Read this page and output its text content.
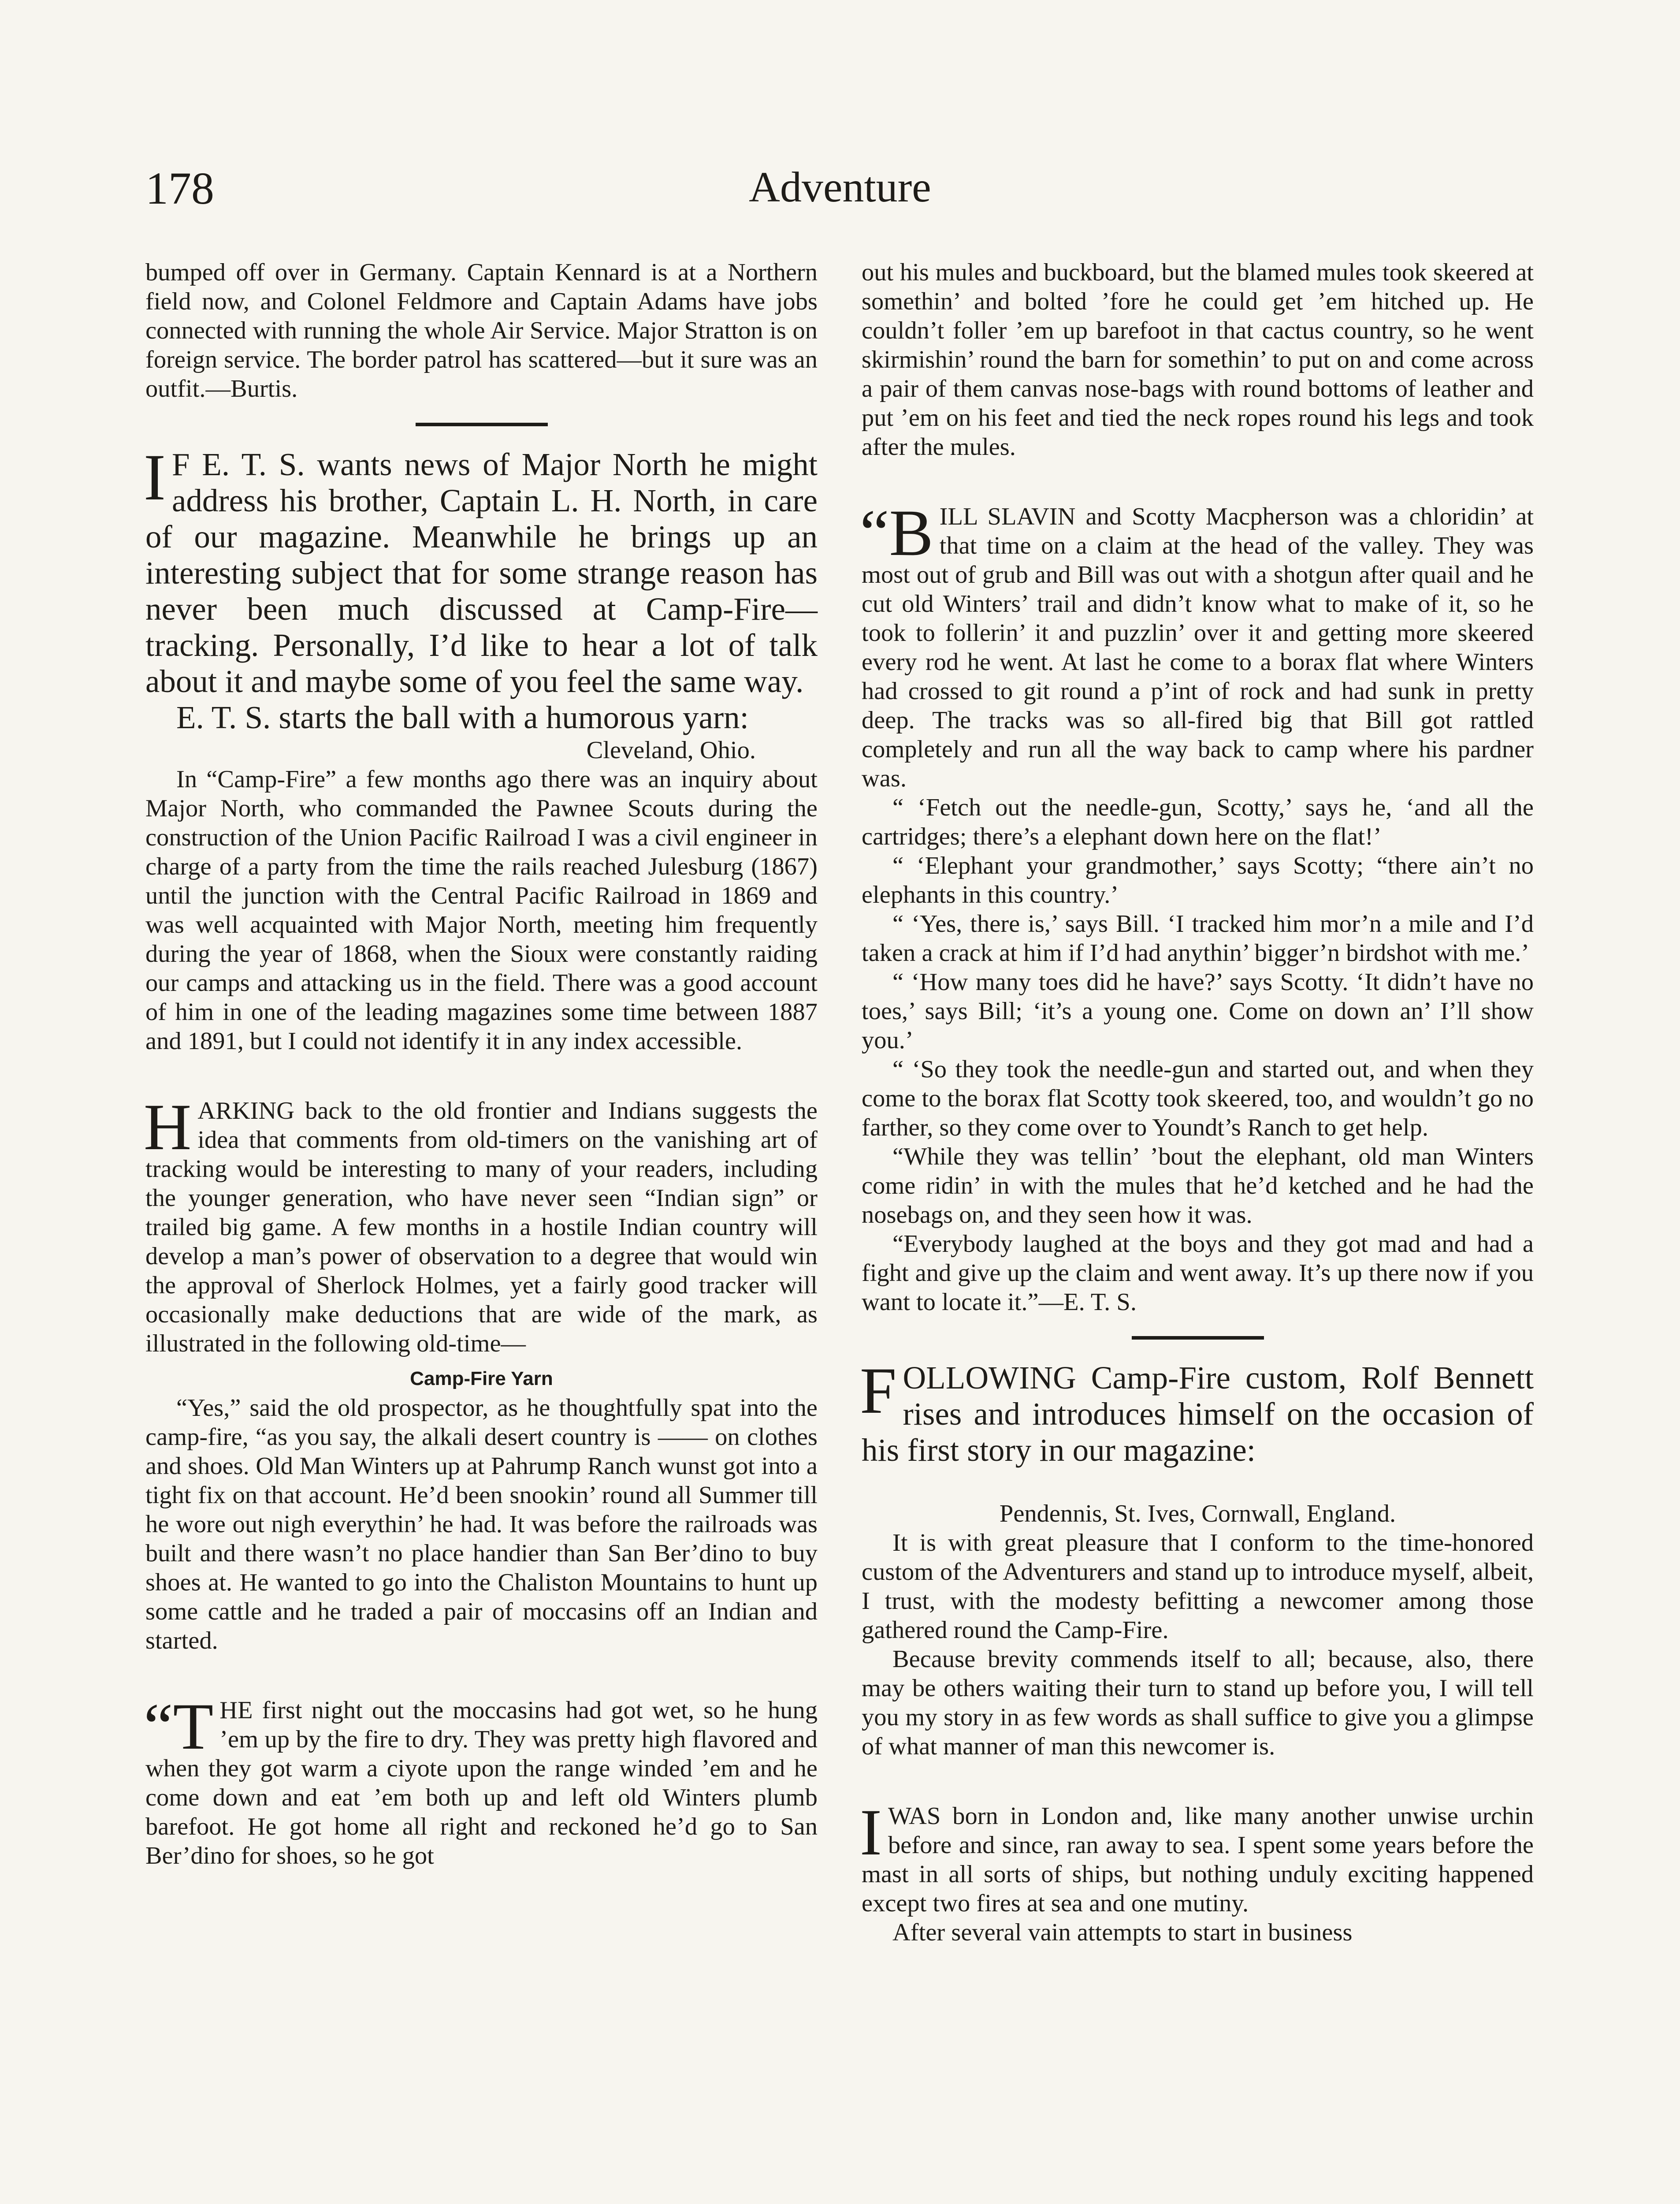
178	Adventure

bumped off over in Germany. Captain Kennard is at a Northern field now, and Colonel Feldmore and Captain Adams have jobs connected with running the whole Air Service. Major Stratton is on foreign service. The border patrol has scattered—but it sure was an outfit.—Burtis.

I F E. T. S. wants news of Major North he might address his brother, Captain L. H. North, in care of our magazine. Meanwhile he brings up an interesting subject that for some strange reason has never been much discussed at Camp-Fire—tracking. Personally, I’d like to hear a lot of talk about it and maybe some of you feel the same way.

E. T. S. starts the ball with a humorous yarn:

Cleveland, Ohio.

In “Camp-Fire” a few months ago there was an inquiry about Major North, who commanded the Pawnee Scouts during the construction of the Union Pacific Railroad I was a civil engineer in charge of a party from the time the rails reached Julesburg (1867) until the junction with the Central Pacific Railroad in 1869 and was well acquainted with Major North, meeting him frequently during the year of 1868, when the Sioux were constantly raiding our camps and attacking us in the field. There was a good account of him in one of the leading magazines some time between 1887 and 1891, but I could not identify it in any index accessible.

HARKING back to the old frontier and Indians suggests the idea that comments from old-timers on the vanishing art of tracking would be interesting to many of your readers, including the younger generation, who have never seen “Indian sign” or trailed big game. A few months in a hostile Indian country will develop a man’s power of observation to a degree that would win the approval of Sherlock Holmes, yet a fairly good tracker will occasionally make deductions that are wide of the mark, as illustrated in the following old-time—

Camp-Fire Yarn

“Yes,” said the old prospector, as he thoughtfully spat into the camp-fire, “as you say, the alkali desert country is —— on clothes and shoes. Old Man Winters up at Pahrump Ranch wunst got into a tight fix on that account. He’d been snookin’ round all Summer till he wore out nigh everythin’ he had. It was before the railroads was built and there wasn’t no place handier than San Ber’dino to buy shoes at. He wanted to go into the Chaliston Mountains to hunt up some cattle and he traded a pair of moccasins off an Indian and started.

“THE first night out the moccasins had got wet, so he hung ’em up by the fire to dry. They was pretty high flavored and when they got warm a ciyote upon the range winded ’em and he come down and eat ’em both up and left old Winters plumb barefoot. He got home all right and reckoned he’d go to San Ber’dino for shoes, so he got

out his mules and buckboard, but the blamed mules took skeered at somethin’ and bolted ’fore he could get ’em hitched up. He couldn’t foller ’em up barefoot in that cactus country, so he went skirmishin’ round the barn for somethin’ to put on and come across a pair of them canvas nose-bags with round bottoms of leather and put ’em on his feet and tied the neck ropes round his legs and took after the mules.

“BILL SLAVIN and Scotty Macpherson was a chloridin’ at that time on a claim at the head of the valley. They was most out of grub and Bill was out with a shotgun after quail and he cut old Winters’ trail and didn’t know what to make of it, so he took to follerin’ it and puzzlin’ over it and getting more skeered every rod he went. At last he come to a borax flat where Winters had crossed to git round a p’int of rock and had sunk in pretty deep. The tracks was so all-fired big that Bill got rattled completely and run all the way back to camp where his pardner was.

“ ‘Fetch out the needle-gun, Scotty,’ says he, ‘and all the cartridges; there’s a elephant down here on the flat!’

“ ‘Elephant your grandmother,’ says Scotty; “there ain’t no elephants in this country.’

“ ‘Yes, there is,’ says Bill. ‘I tracked him mor’n a mile and I’d taken a crack at him if I’d had anythin’ bigger’n birdshot with me.’

“ ‘How many toes did he have?’ says Scotty. ‘It didn’t have no toes,’ says Bill; ‘it’s a young one. Come on down an’ I’ll show you.’

“ ‘So they took the needle-gun and started out, and when they come to the borax flat Scotty took skeered, too, and wouldn’t go no farther, so they come over to Youndt’s Ranch to get help.

“While they was tellin’ ’bout the elephant, old man Winters come ridin’ in with the mules that he’d ketched and he had the nosebags on, and they seen how it was.

“Everybody laughed at the boys and they got mad and had a fight and give up the claim and went away. It’s up there now if you want to locate it.”—E. T. S.

FOLLOWING Camp-Fire custom, Rolf Bennett rises and introduces himself on the occasion of his first story in our magazine:

Pendennis, St. Ives, Cornwall, England.

It is with great pleasure that I conform to the time-honored custom of the Adventurers and stand up to introduce myself, albeit, I trust, with the modesty befitting a newcomer among those gathered round the Camp-Fire.

Because brevity commends itself to all; because, also, there may be others waiting their turn to stand up before you, I will tell you my story in as few words as shall suffice to give you a glimpse of what manner of man this newcomer is.

IWAS born in London and, like many another unwise urchin before and since, ran away to sea. I spent some years before the mast in all sorts of ships, but nothing unduly exciting happened except two fires at sea and one mutiny.

After several vain attempts to start in business
